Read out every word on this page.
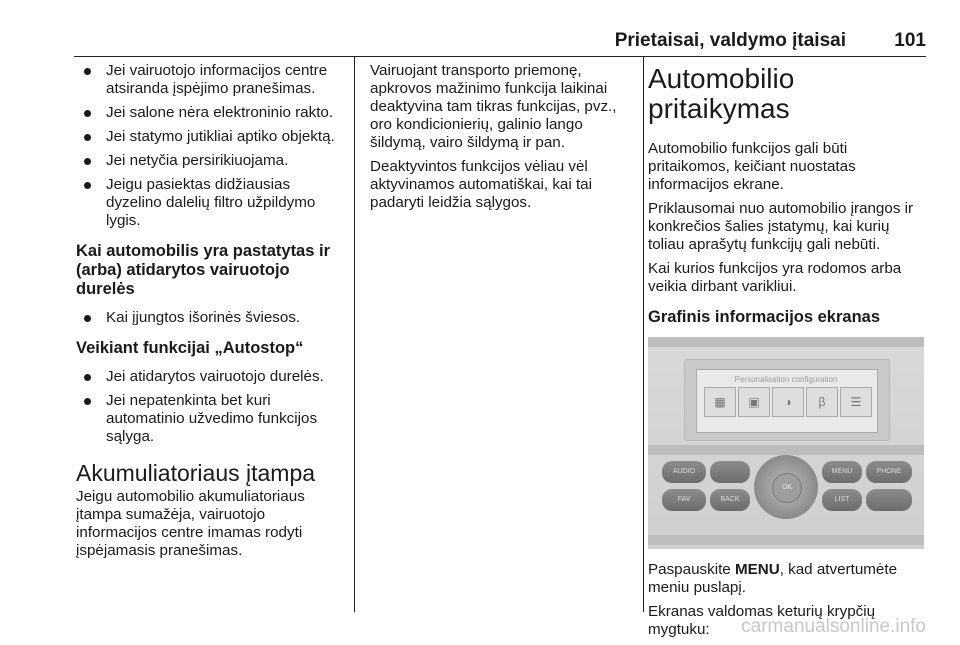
Prietaisai, valdymo įtaisai	101
Jei vairuotojo informacijos centre atsiranda įspėjimo pranešimas.
Jei salone nėra elektroninio rakto.
Jei statymo jutikliai aptiko objektą.
Jei netyčia persirikiuojama.
Jeigu pasiektas didžiausias dyzelino dalelių filtro užpildymo lygis.
Kai automobilis yra pastatytas ir (arba) atidarytos vairuotojo durelės
Kai įjungtos išorinės šviesos.
Veikiant funkcijai „Autostop“
Jei atidarytos vairuotojo durelės.
Jei nepatenkinta bet kuri automatinio užvedimo funkcijos sąlyga.
Akumuliatoriaus įtampa

Jeigu automobilio akumuliatoriaus įtampa sumažėja, vairuotojo informacijos centre imamas rodyti įspėjamasis pranešimas.

Vairuojant transporto priemonę, apkrovos mažinimo funkcija laikinai deaktyvina tam tikras funkcijas, pvz., oro kondicionierių, galinio lango šildymą, vairo šildymą ir pan.

Deaktyvintos funkcijos vėliau vėl aktyvinamos automatiškai, kai tai padaryti leidžia sąlygos.

Automobilio pritaikymas

Automobilio funkcijos gali būti pritaikomos, keičiant nuostatas informacijos ekrane.

Priklausomai nuo automobilio įrangos ir konkrečios šalies įstatymų, kai kurių toliau aprašytų funkcijų gali nebūti.

Kai kurios funkcijos yra rodomos arba veikia dirbant varikliui.

Grafinis informacijos ekranas
Personalisation configuration
▦	▣	◑	β	☰
AUDIO	MENU	PHONE
FAV	BACK	LIST
OK

Paspauskite MENU, kad atvertumėte meniu puslapį.

Ekranas valdomas keturių krypčių mygtuku:	carmanualsonline.info
